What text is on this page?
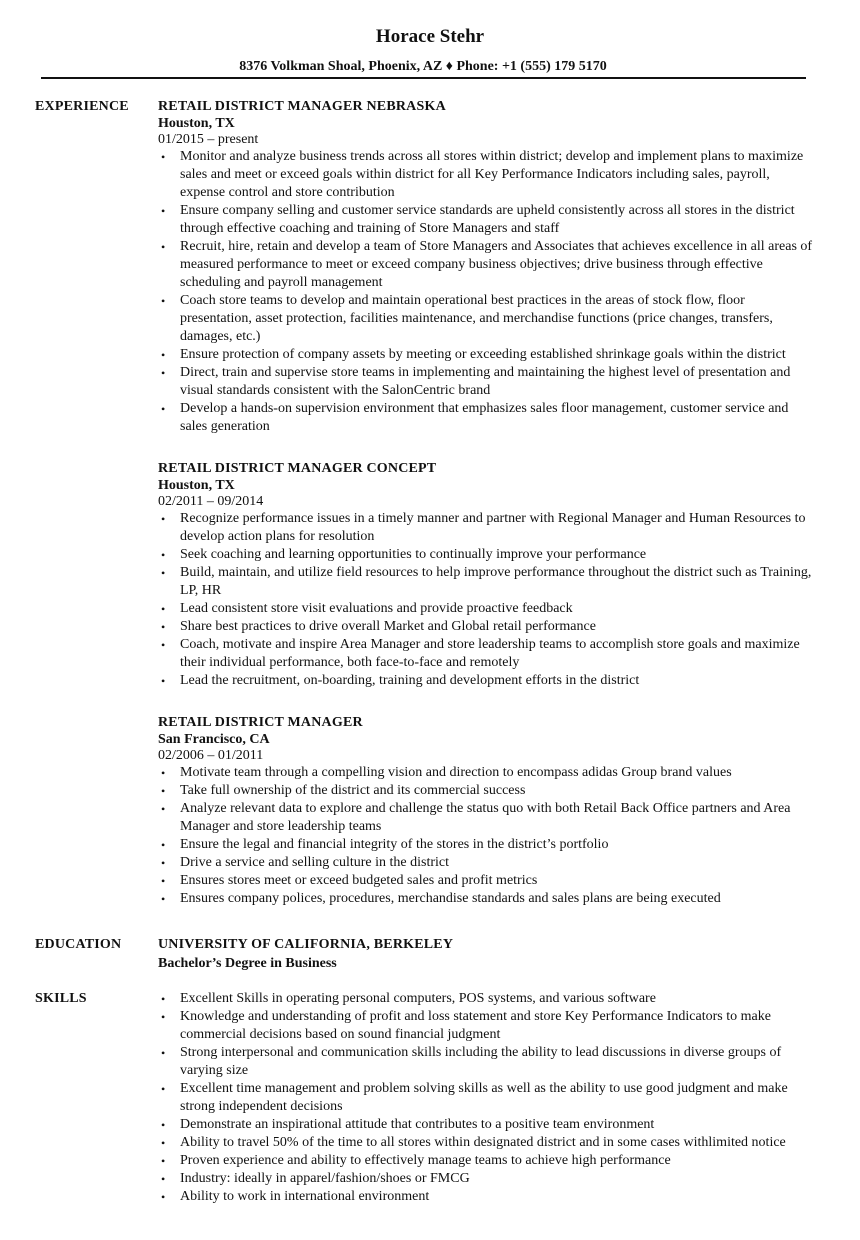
Horace Stehr
8376 Volkman Shoal, Phoenix, AZ ♦ Phone: +1 (555) 179 5170
EXPERIENCE	RETAIL DISTRICT MANAGER NEBRASKA
Houston, TX
01/2015 – present
• Monitor and analyze business trends across all stores within district; develop and implement plans to maximize sales and meet or exceed goals within district for all Key Performance Indicators including sales, payroll, expense control and store contribution
• Ensure company selling and customer service standards are upheld consistently across all stores in the district through effective coaching and training of Store Managers and staff
• Recruit, hire, retain and develop a team of Store Managers and Associates that achieves excellence in all areas of measured performance to meet or exceed company business objectives; drive business through effective scheduling and payroll management
• Coach store teams to develop and maintain operational best practices in the areas of stock flow, floor presentation, asset protection, facilities maintenance, and merchandise functions (price changes, transfers, damages, etc.)
• Ensure protection of company assets by meeting or exceeding established shrinkage goals within the district
• Direct, train and supervise store teams in implementing and maintaining the highest level of presentation and visual standards consistent with the SalonCentric brand
• Develop a hands-on supervision environment that emphasizes sales floor management, customer service and sales generation
RETAIL DISTRICT MANAGER CONCEPT
Houston, TX
02/2011 – 09/2014
• Recognize performance issues in a timely manner and partner with Regional Manager and Human Resources to develop action plans for resolution
• Seek coaching and learning opportunities to continually improve your performance
• Build, maintain, and utilize field resources to help improve performance throughout the district such as Training, LP, HR
• Lead consistent store visit evaluations and provide proactive feedback
• Share best practices to drive overall Market and Global retail performance
• Coach, motivate and inspire Area Manager and store leadership teams to accomplish store goals and maximize their individual performance, both face-to-face and remotely
• Lead the recruitment, on-boarding, training and development efforts in the district
RETAIL DISTRICT MANAGER
San Francisco, CA
02/2006 – 01/2011
• Motivate team through a compelling vision and direction to encompass adidas Group brand values
• Take full ownership of the district and its commercial success
• Analyze relevant data to explore and challenge the status quo with both Retail Back Office partners and Area Manager and store leadership teams
• Ensure the legal and financial integrity of the stores in the district’s portfolio
• Drive a service and selling culture in the district
• Ensures stores meet or exceed budgeted sales and profit metrics
• Ensures company polices, procedures, merchandise standards and sales plans are being executed
EDUCATION	UNIVERSITY OF CALIFORNIA, BERKELEY
Bachelor’s Degree in Business
SKILLS
•	Excellent Skills in operating personal computers, POS systems, and various software
• Knowledge and understanding of profit and loss statement and store Key Performance Indicators to make commercial decisions based on sound financial judgment
• Strong interpersonal and communication skills including the ability to lead discussions in diverse groups of varying size
• Excellent time management and problem solving skills as well as the ability to use good judgment and make strong independent decisions
• Demonstrate an inspirational attitude that contributes to a positive team environment
• Ability to travel 50% of the time to all stores within designated district and in some cases withlimited notice
• Proven experience and ability to effectively manage teams to achieve high performance
• Industry: ideally in apparel/fashion/shoes or FMCG
• Ability to work in international environment
